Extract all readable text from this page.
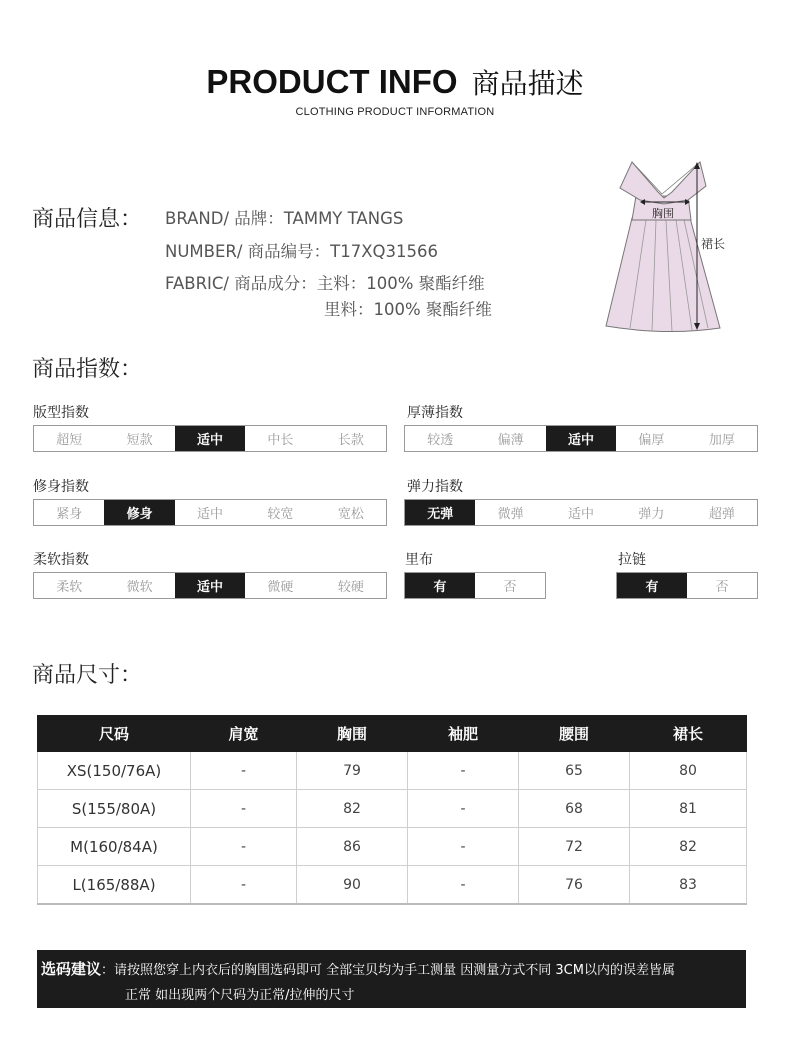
PRODUCT INFO 商品描述
CLOTHING PRODUCT INFORMATION
商品信息： BRAND/ 品牌：TAMMY TANGS
NUMBER/ 商品编号：T17XQ31566
FABRIC/ 商品成分：主料：100% 聚酯纤维
里料：100% 聚酯纤维
胸围
裙长
商品指数：
版型指数
超短	短款	适中	中长	长款
厚薄指数
较透	偏薄	适中	偏厚	加厚
修身指数
紧身	修身	适中	较宽	宽松
弹力指数
无弹	微弹	适中	弹力	超弹
柔软指数
柔软	微软	适中	微硬	较硬
里布
有	否
拉链
有	否
商品尺寸：
尺码	肩宽	胸围	袖肥	腰围	裙长
XS(150/76A)	-	79	-	65	80
S(155/80A)	-	82	-	68	81
M(160/84A)	-	86	-	72	82
L(165/88A)	-	90	-	76	83
选码建议：请按照您穿上内衣后的胸围选码即可 全部宝贝均为手工测量 因测量方式不同 3CM以内的误差皆属
正常 如出现两个尺码为正常/拉伸的尺寸
